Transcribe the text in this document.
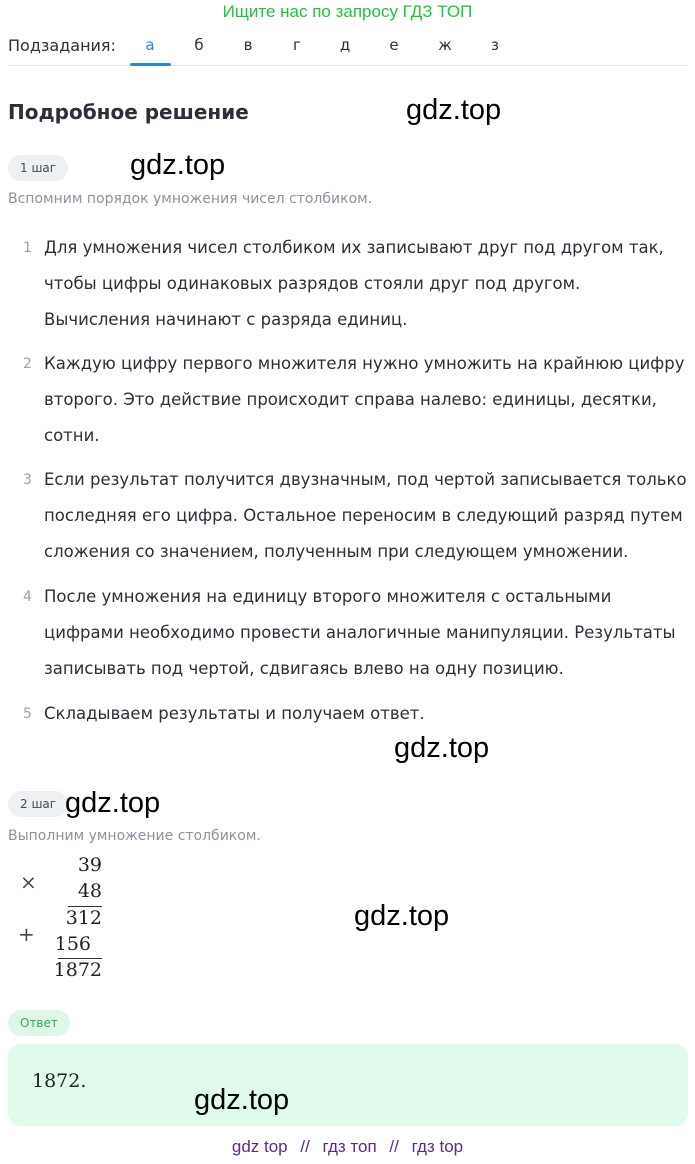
Ищите нас по запросу ГДЗ ТОП
Подзадания:	а	б	в	г	д	е	ж	з
Подробное решение	gdz.top
1 шаг	gdz.top
Вспомним порядок умножения чисел столбиком.
1 Для умножения чисел столбиком их записывают друг под другом так, чтобы цифры одинаковых разрядов стояли друг под другом. Вычисления начинают с разряда единиц.
2 Каждую цифру первого множителя нужно умножить на крайнюю цифру второго. Это действие происходит справа налево: единицы, десятки, сотни.
3 Если результат получится двузначным, под чертой записывается только последняя его цифра. Остальное переносим в следующий разряд путем сложения со значением, полученным при следующем умножении.
4 После умножения на единицу второго множителя с остальными цифрами необходимо провести аналогичные манипуляции. Результаты записывать под чертой, сдвигаясь влево на одну позицию.
5 Складываем результаты и получаем ответ.
gdz.top
2 шаг gdz.top
Выполним умножение столбиком.
×
39
48
312
+ 156
1872
gdz.top
Ответ
1872.
gdz.top
gdz top // гдз топ // гдз top
